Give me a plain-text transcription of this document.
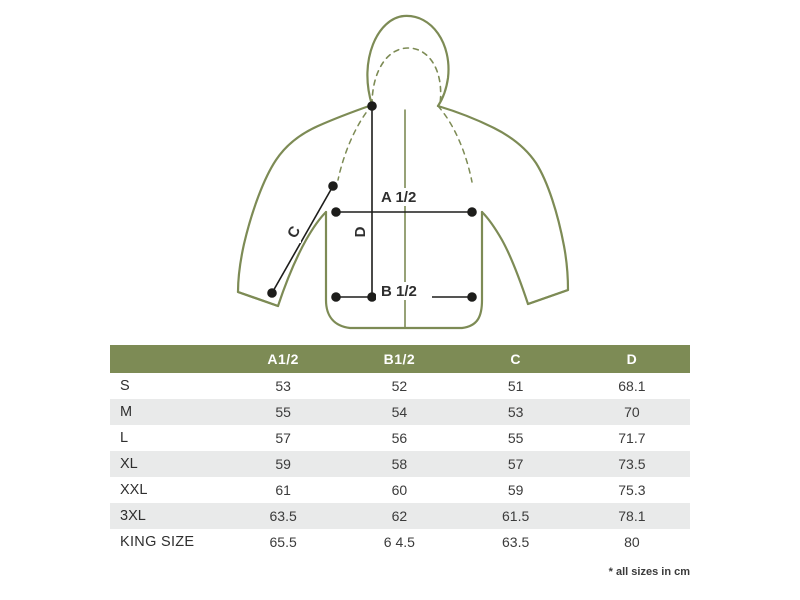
A 1/2
B 1/2
D
C
	A1/2	B1/2	C	D
S	53	52	51	68.1
M	55	54	53	70
L	57	56	55	71.7
XL	59	58	57	73.5
XXL	61	60	59	75.3
3XL	63.5	62	61.5	78.1
KING SIZE	65.5	6 4.5	63.5	80
* all sizes in cm
